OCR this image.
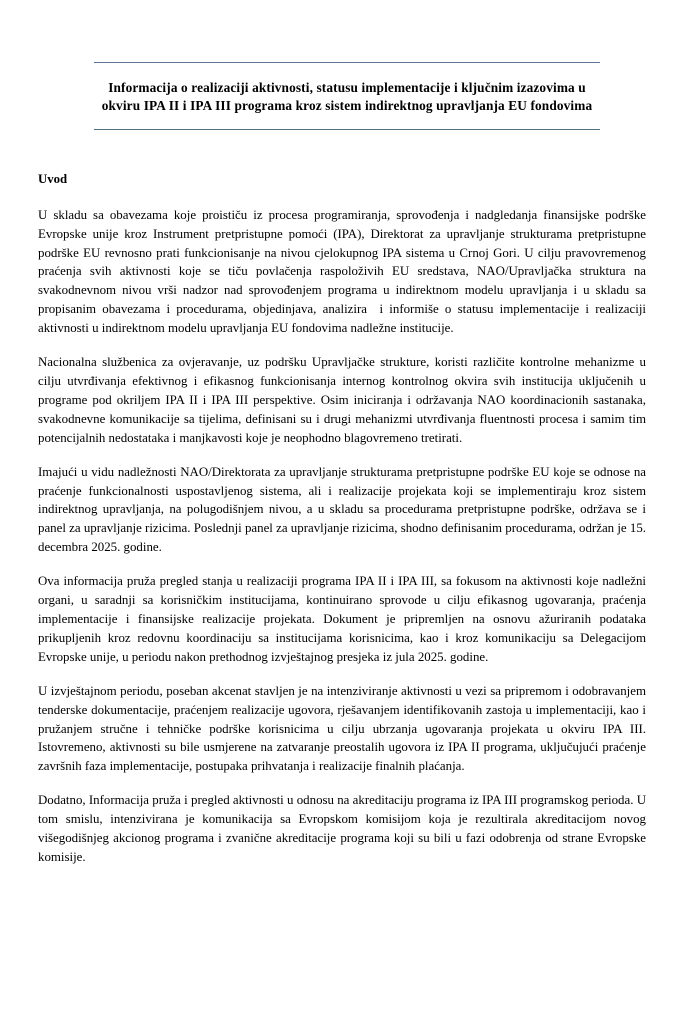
Informacija o realizaciji aktivnosti, statusu implementacije i ključnim izazovima u okviru IPA II i IPA III programa kroz sistem indirektnog upravljanja EU fondovima
Uvod

U skladu sa obavezama koje proističu iz procesa programiranja, sprovođenja i nadgledanja finansijske podrške Evropske unije kroz Instrument pretpristupne pomoći (IPA), Direktorat za upravljanje strukturama pretpristupne podrške EU revnosno prati funkcionisanje na nivou cjelokupnog IPA sistema u Crnoj Gori. U cilju pravovremenog praćenja svih aktivnosti koje se tiču povlačenja raspoloživih EU sredstava, NAO/Upravljačka struktura na svakodnevnom nivou vrši nadzor nad sprovođenjem programa u indirektnom modelu upravljanja i u skladu sa propisanim obavezama i procedurama, objedinjava, analizira  i informiše o statusu implementacije i realizaciji aktivnosti u indirektnom modelu upravljanja EU fondovima nadležne institucije.

Nacionalna službenica za ovjeravanje, uz podršku Upravljačke strukture, koristi različite kontrolne mehanizme u cilju utvrđivanja efektivnog i efikasnog funkcionisanja internog kontrolnog okvira svih institucija uključenih u programe pod okriljem IPA II i IPA III perspektive. Osim iniciranja i održavanja NAO koordinacionih sastanaka, svakodnevne komunikacije sa tijelima, definisani su i drugi mehanizmi utvrđivanja fluentnosti procesa i samim tim potencijalnih nedostataka i manjkavosti koje je neophodno blagovremeno tretirati.

Imajući u vidu nadležnosti NAO/Direktorata za upravljanje strukturama pretpristupne podrške EU koje se odnose na praćenje funkcionalnosti uspostavljenog sistema, ali i realizacije projekata koji se implementiraju kroz sistem indirektnog upravljanja, na polugodišnjem nivou, a u skladu sa procedurama pretpristupne podrške, održava se i panel za upravljanje rizicima. Poslednji panel za upravljanje rizicima, shodno definisanim procedurama, održan je 15. decembra 2025. godine.

Ova informacija pruža pregled stanja u realizaciji programa IPA II i IPA III, sa fokusom na aktivnosti koje nadležni organi, u saradnji sa korisničkim institucijama, kontinuirano sprovode u cilju efikasnog ugovaranja, praćenja implementacije i finansijske realizacije projekata. Dokument je pripremljen na osnovu ažuriranih podataka prikupljenih kroz redovnu koordinaciju sa institucijama korisnicima, kao i kroz komunikaciju sa Delegacijom Evropske unije, u periodu nakon prethodnog izvještajnog presjeka iz jula 2025. godine.

U izvještajnom periodu, poseban akcenat stavljen je na intenziviranje aktivnosti u vezi sa pripremom i odobravanjem tenderske dokumentacije, praćenjem realizacije ugovora, rješavanjem identifikovanih zastoja u implementaciji, kao i pružanjem stručne i tehničke podrške korisnicima u cilju ubrzanja ugovaranja projekata u okviru IPA III. Istovremeno, aktivnosti su bile usmjerene na zatvaranje preostalih ugovora iz IPA II programa, uključujući praćenje završnih faza implementacije, postupaka prihvatanja i realizacije finalnih plaćanja.

Dodatno, Informacija pruža i pregled aktivnosti u odnosu na akreditaciju programa iz IPA III programskog perioda. U tom smislu, intenzivirana je komunikacija sa Evropskom komisijom koja je rezultirala akreditacijom novog višegodišnjeg akcionog programa i zvanične akreditacije programa koji su bili u fazi odobrenja od strane Evropske komisije.
